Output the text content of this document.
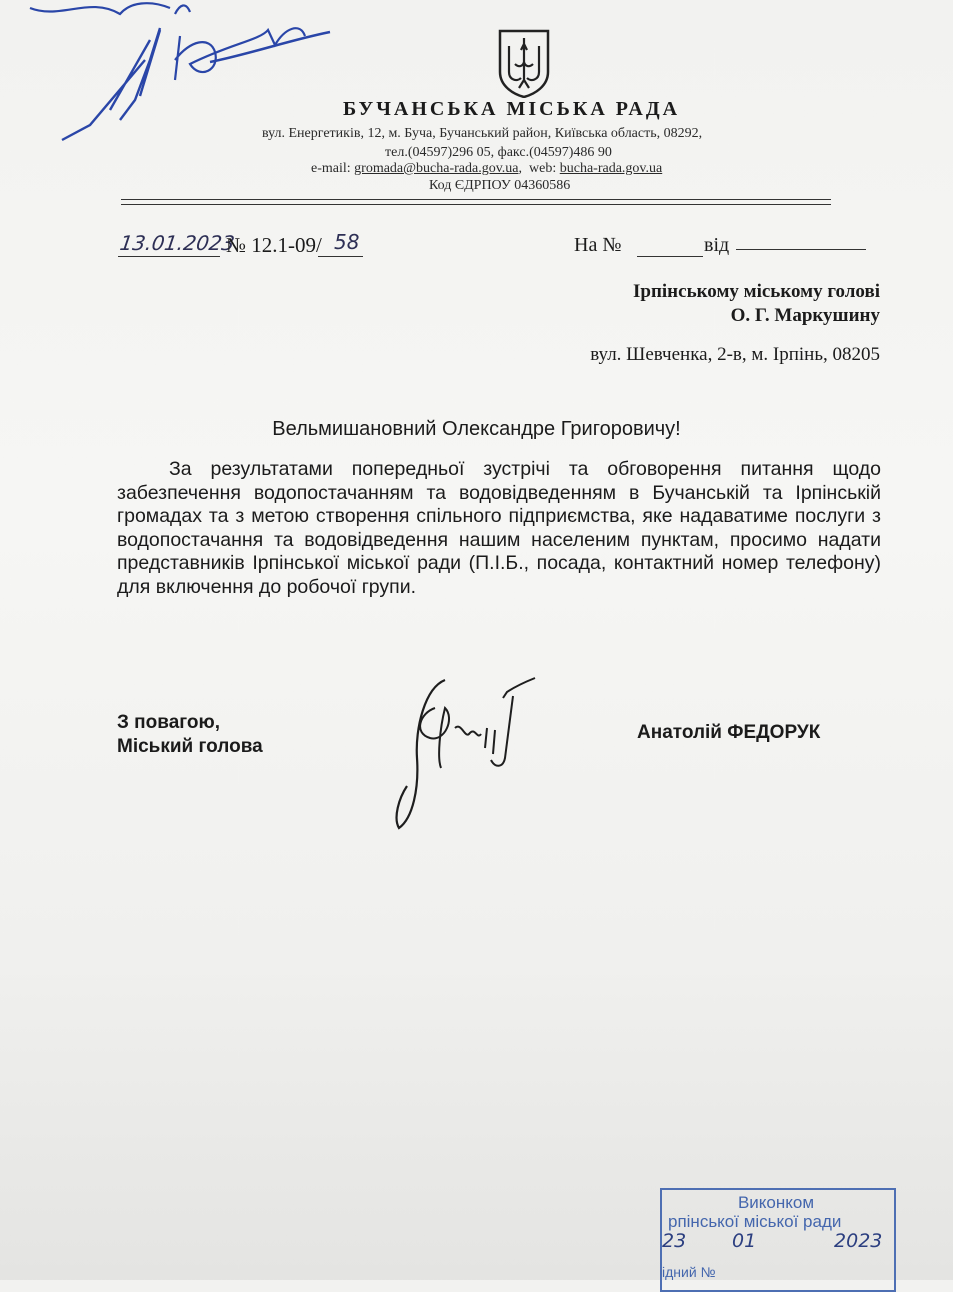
БУЧАНСЬКА МІСЬКА РАДА
вул. Енергетиків, 12, м. Буча, Бучанський район, Київська область, 08292,
тел.(04597)296 05, факс.(04597)486 90
e-mail: gromada@bucha-rada.gov.ua,  web: bucha-rada.gov.ua
Код ЄДРПОУ 04360586
13.01.2023
№ 12.1-09/ 58	На №	від
Ірпінському міському голові
О. Г. Маркушину
вул. Шевченка, 2-в, м. Ірпінь, 08205
Вельмишановний Олександре Григоровичу!
За результатами попередньої зустрічі та обговорення питання щодо забезпечення водопостачанням та водовідведенням в Бучанській та Ірпінській громадах та з метою створення спільного підприємства, яке надаватиме послуги з водопостачання та водовідведення нашим населеним пунктам, просимо надати представників Ірпінської міської ради (П.І.Б., посада, контактний номер телефону) для включення до робочої групи.
З повагою,
Міський голова
Анатолій ФЕДОРУК
Виконком
рпінської міської ради
23 01	2023
ідний №
